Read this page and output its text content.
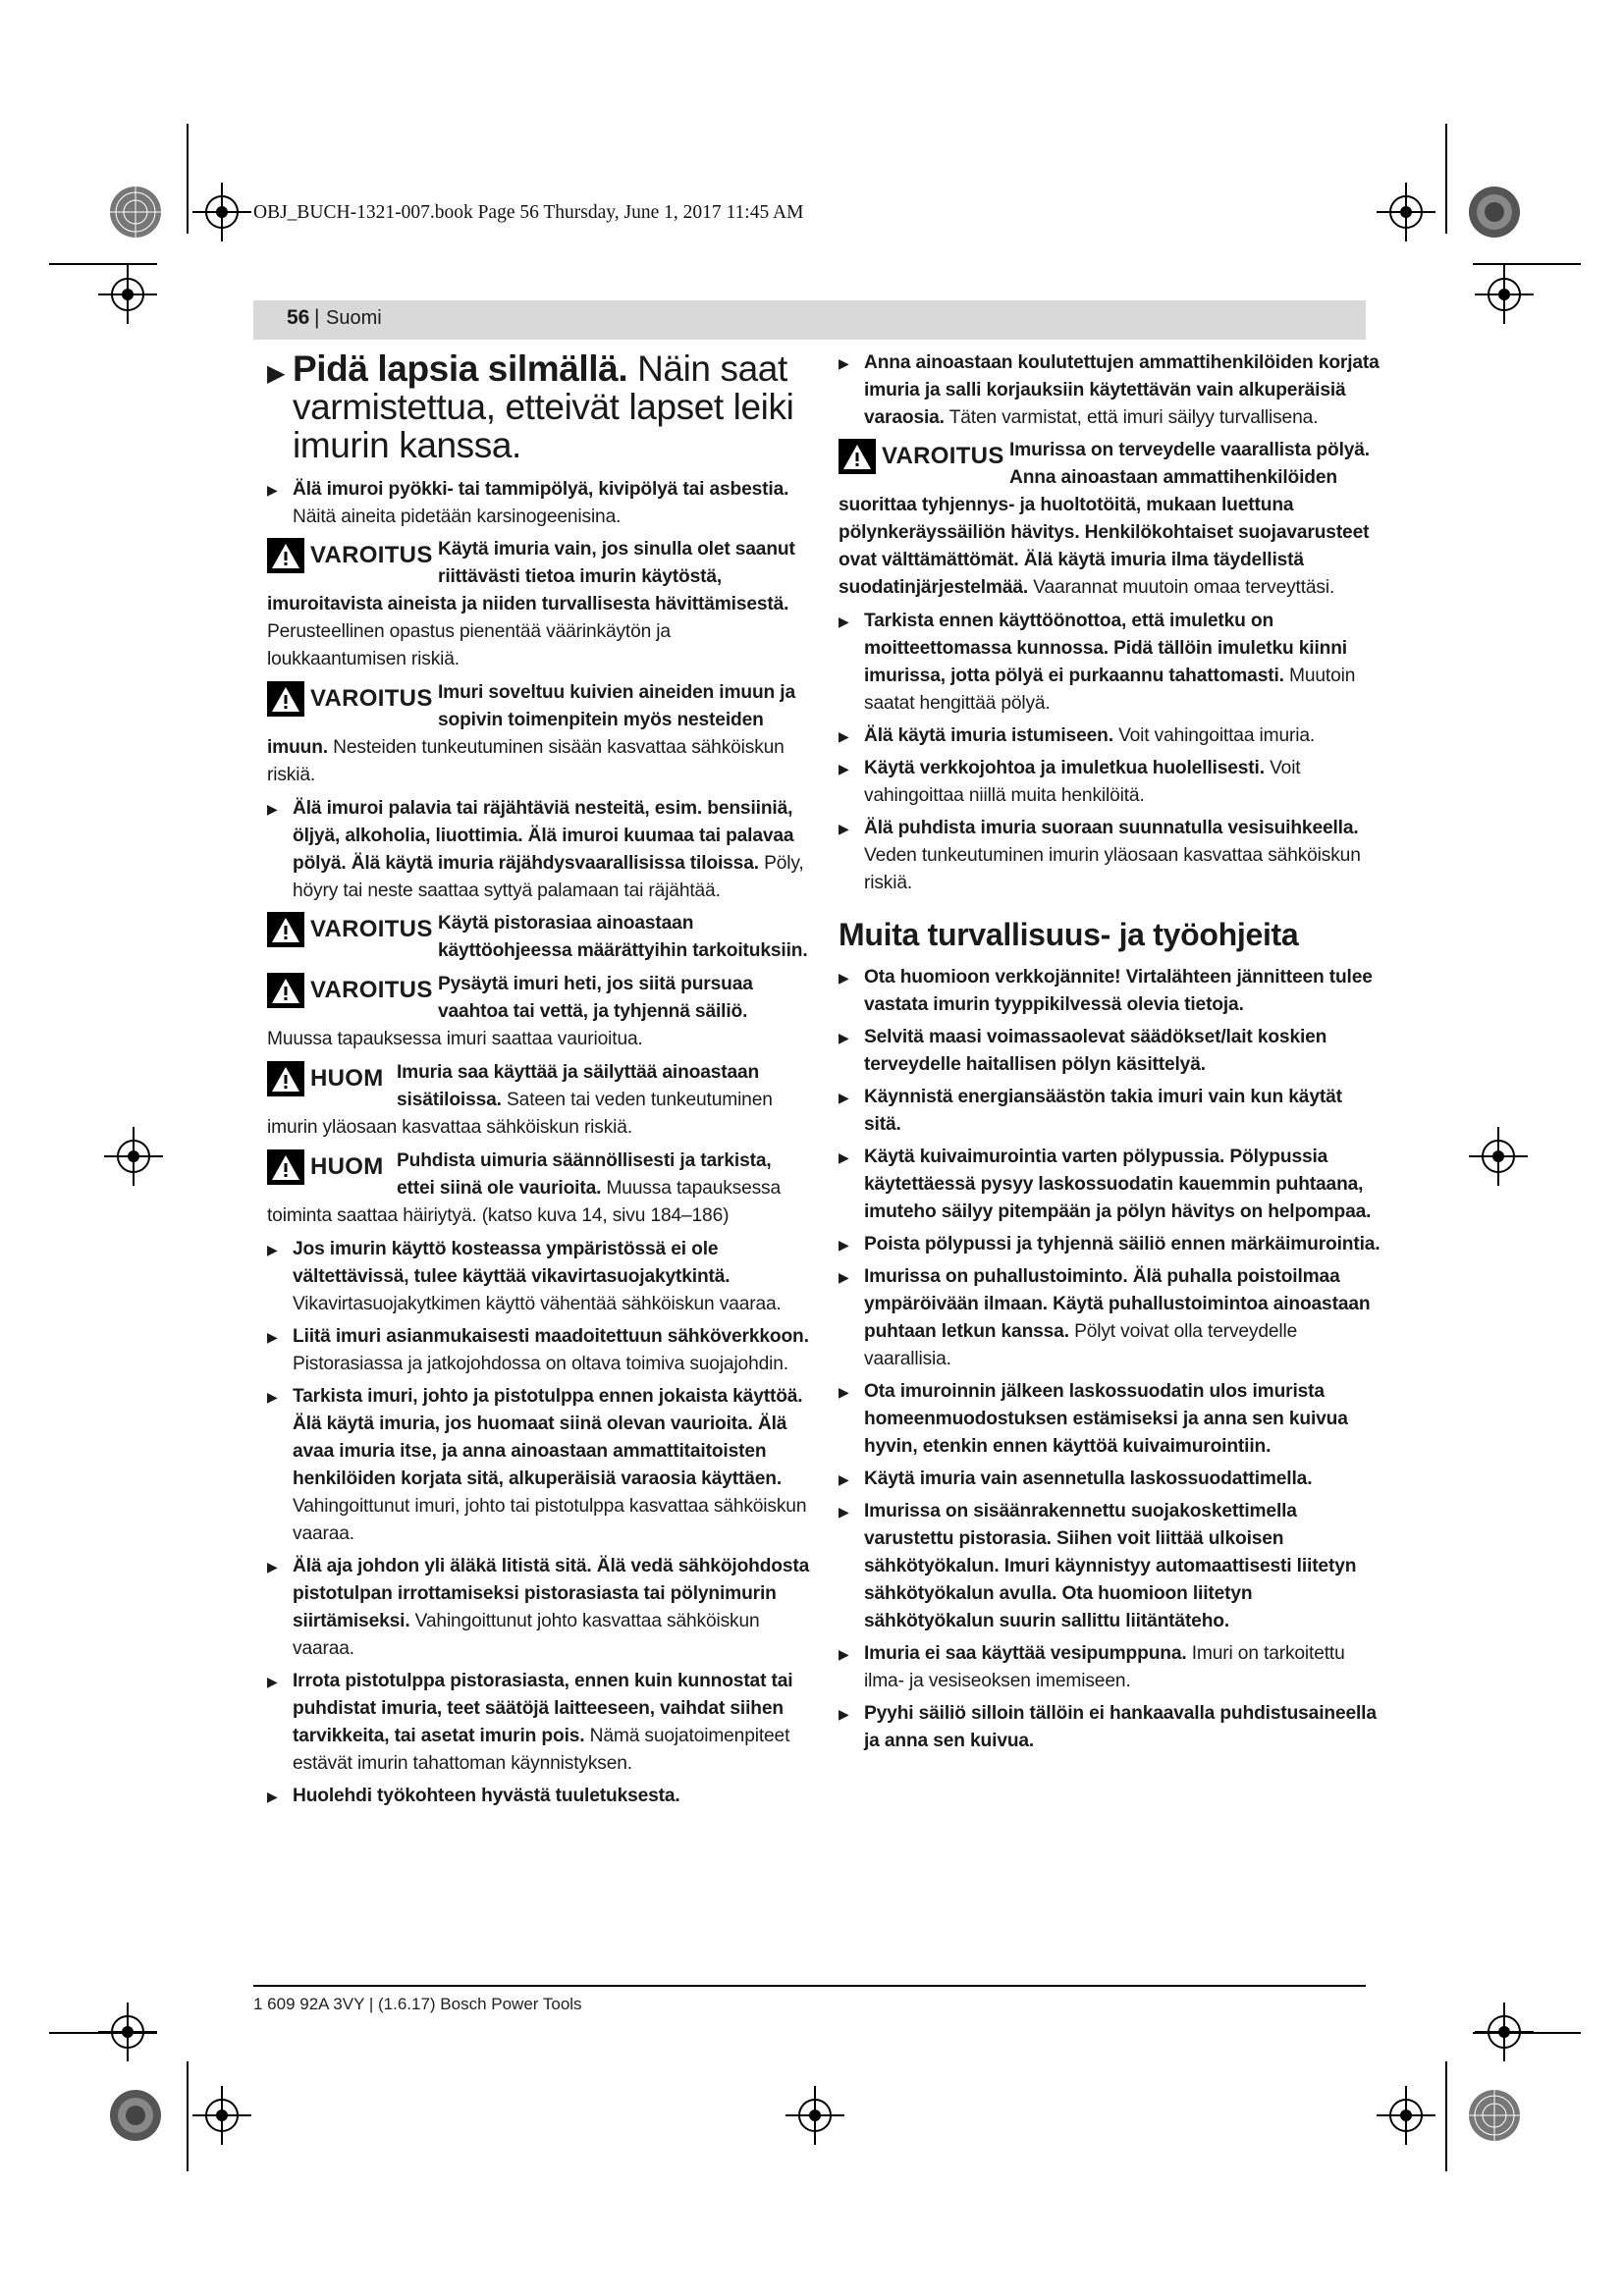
OBJ_BUCH-1321-007.book Page 56 Thursday, June 1, 2017 11:45 AM
56 | Suomi
▶ Pidä lapsia silmällä. Näin saat varmistettua, etteivät lapset leiki imurin kanssa.
▶ Älä imuroi pyökki- tai tammipölyä, kivipölyä tai asbestia. Näitä aineita pidetään karsinogeenisina.
VAROITUS Käytä imuria vain, jos sinulla olet saanut riittävästi tietoa imurin käytöstä, imuroitavista aineista ja niiden turvallisesta hävittämisestä. Perusteellinen opastus pienentää väärinkäytön ja loukkaantumisen riskiä.
VAROITUS Imuri soveltuu kuivien aineiden imuun ja sopivin toimenpitein myös nesteiden imuun. Nesteiden tunkeutuminen sisään kasvattaa sähköiskun riskiä.
▶ Älä imuroi palavia tai räjähtäviä nesteitä, esim. bensiiniä, öljyä, alkoholia, liuottimia. Älä imuroi kuumaa tai palavaa pölyä. Älä käytä imuria räjähdysvaarallisissa tiloissa. Pöly, höyry tai neste saattaa syttyä palamaan tai räjähtää.
VAROITUS Käytä pistorasiaa ainoastaan käyttöohjeessa määrättyihin tarkoituksiin.
VAROITUS Pysäytä imuri heti, jos siitä pursuaa vaahtoa tai vettä, ja tyhjennä säiliö. Muussa tapauksessa imuri saattaa vaurioitua.
HUOM Imuria saa käyttää ja säilyttää ainoastaan sisätiloissa. Sateen tai veden tunkeutuminen imurin yläosaan kasvattaa sähköiskun riskiä.
HUOM Puhdista uimuria säännöllisesti ja tarkista, ettei siinä ole vaurioita. Muussa tapauksessa toiminta saattaa häiriytyä. (katso kuva 14, sivu 184–186)
▶ Jos imurin käyttö kosteassa ympäristössä ei ole vältettävissä, tulee käyttää vikavirtasuojakytkintä. Vikavirtasuojakytkimen käyttö vähentää sähköiskun vaaraa.
▶ Liitä imuri asianmukaisesti maadoitettuun sähköverkkoon. Pistorasiassa ja jatkojohdossa on oltava toimiva suojajohdin.
▶ Tarkista imuri, johto ja pistotulppa ennen jokaista käyttöä. Älä käytä imuria, jos huomaat siinä olevan vaurioita. Älä avaa imuria itse, ja anna ainoastaan ammattitaitoisten henkilöiden korjata sitä, alkuperäisiä varaosia käyttäen. Vahingoittunut imuri, johto tai pistotulppa kasvattaa sähköiskun vaaraa.
▶ Älä aja johdon yli äläkä litistä sitä. Älä vedä sähköjohdosta pistotulpan irrottamiseksi pistorasiasta tai pölynimurin siirtämiseksi. Vahingoittunut johto kasvattaa sähköiskun vaaraa.
▶ Irrota pistotulppa pistorasiasta, ennen kuin kunnostat tai puhdistat imuria, teet säätöjä laitteeseen, vaihdat siihen tarvikkeita, tai asetat imurin pois. Nämä suojatoimenpiteet estävät imurin tahattoman käynnistyksen.
▶ Huolehdi työkohteen hyvästä tuuletuksesta.
▶ Anna ainoastaan koulutettujen ammattihenkilöiden korjata imuria ja salli korjauksiin käytettävän vain alkuperäisiä varaosia. Täten varmistat, että imuri säilyy turvallisena.
VAROITUS Imurissa on terveydelle vaarallista pölyä. Anna ainoastaan ammattihenkilöiden suorittaa tyhjennys- ja huoltotöitä, mukaan luettuna pölynkeräyssäiliön hävitys. Henkilökohtaiset suojavarusteet ovat välttämättömät. Älä käytä imuria ilma täydellistä suodatinjärjestelmää. Vaarannat muutoin omaa terveyttäsi.
▶ Tarkista ennen käyttöönottoa, että imuletku on moitteettomassa kunnossa. Pidä tällöin imuletku kiinni imurissa, jotta pölyä ei purkaannu tahattomasti. Muutoin saatat hengittää pölyä.
▶ Älä käytä imuria istumiseen. Voit vahingoittaa imuria.
▶ Käytä verkkojohtoa ja imuletkua huolellisesti. Voit vahingoittaa niillä muita henkilöitä.
▶ Älä puhdista imuria suoraan suunnatulla vesisuihkeella. Veden tunkeutuminen imurin yläosaan kasvattaa sähköiskun riskiä.
Muita turvallisuus- ja työohjeita
▶ Ota huomioon verkkojännite! Virtalähteen jännitteen tulee vastata imurin tyyppikilvessä olevia tietoja.
▶ Selvitä maasi voimassaolevat säädökset/lait koskien terveydelle haitallisen pölyn käsittelyä.
▶ Käynnistä energiansäästön takia imuri vain kun käytät sitä.
▶ Käytä kuivaimurointia varten pölypussia. Pölypussia käytettäessä pysyy laskossuodatin kauemmin puhtaana, imuteho säilyy pitempään ja pölyn hävitys on helpompaa.
▶ Poista pölypussi ja tyhjennä säiliö ennen märkäimurointia.
▶ Imurissa on puhallustoiminto. Älä puhalla poistoilmaa ympäröivään ilmaan. Käytä puhallustoimintoa ainoastaan puhtaan letkun kanssa. Pölyt voivat olla terveydelle vaarallisia.
▶ Ota imuroinnin jälkeen laskossuodatin ulos imurista homeenmuodostuksen estämiseksi ja anna sen kuivua hyvin, etenkin ennen käyttöä kuivaimurointiin.
▶ Käytä imuria vain asennetulla laskossuodattimella.
▶ Imurissa on sisäänrakennettu suojakoskettimella varustettu pistorasia. Siihen voit liittää ulkoisen sähkötyökalun. Imuri käynnistyy automaattisesti liitetyn sähkötyökalun avulla. Ota huomioon liitetyn sähkötyökalun suurin sallittu liitäntäteho.
▶ Imuria ei saa käyttää vesipumppuna. Imuri on tarkoitettu ilma- ja vesiseoksen imemiseen.
▶ Pyyhi säiliö silloin tällöin ei hankaavalla puhdistusaineella ja anna sen kuivua.
1 609 92A 3VY | (1.6.17) Bosch Power Tools
